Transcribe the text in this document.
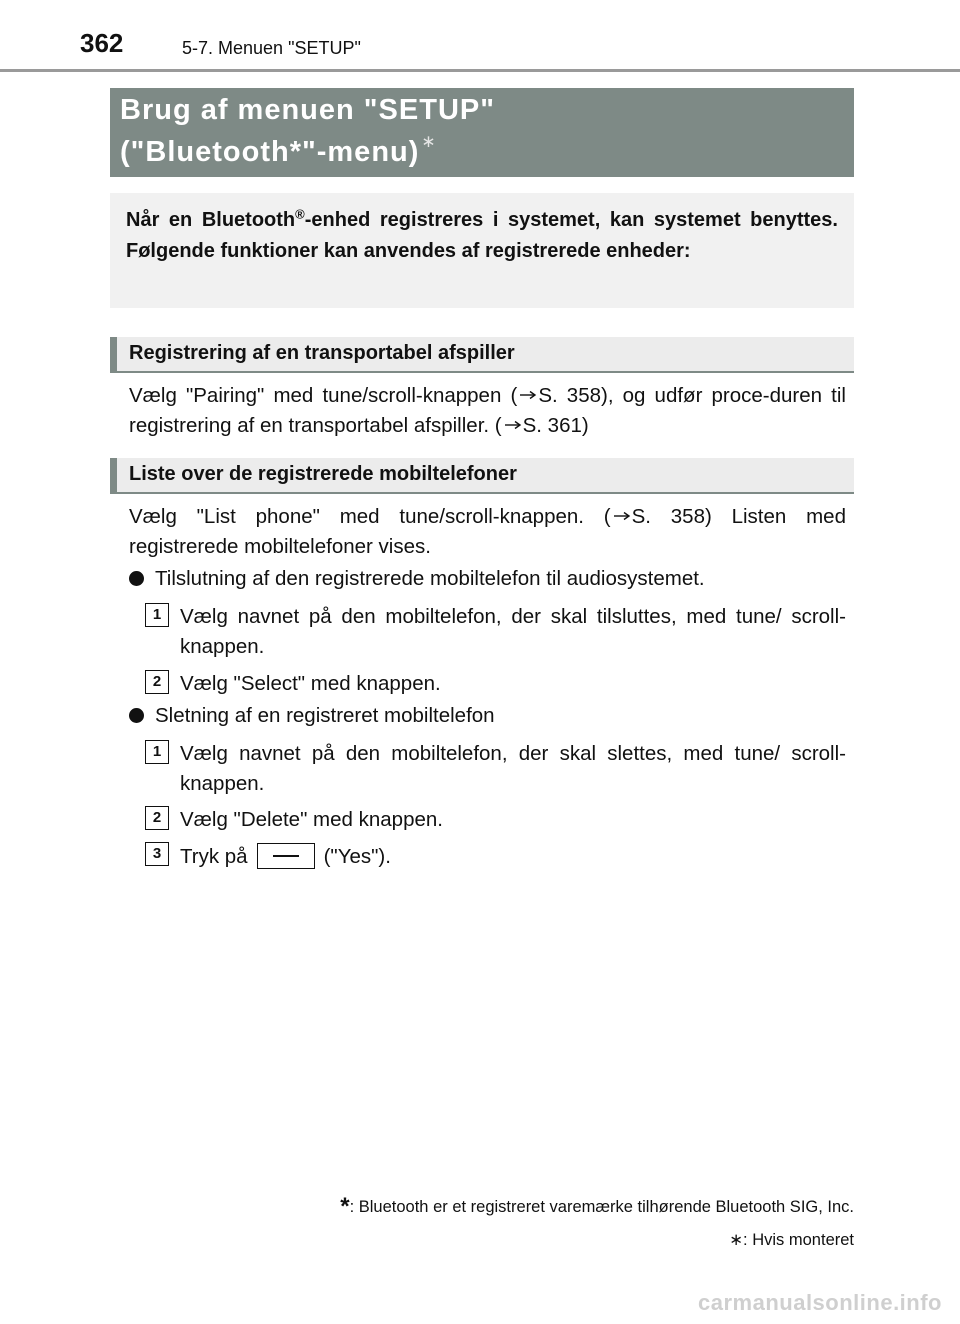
362	5-7. Menuen "SETUP"
Brug af menuen "SETUP"
("Bluetooth*"-menu) ∗
Når en Bluetooth®-enhed registreres i systemet, kan systemet benyttes. Følgende funktioner kan anvendes af registrerede enheder:
Registrering af en transportabel afspiller
Vælg "Pairing" med tune/scroll-knappen ( S. 358), og udfør proce-duren til registrering af en transportabel afspiller. ( S. 361)
Liste over de registrerede mobiltelefoner
Vælg "List phone" med tune/scroll-knappen. ( S. 358) Listen med registrerede mobiltelefoner vises.
Tilslutning af den registrerede mobiltelefon til audiosystemet.
1 Vælg navnet på den mobiltelefon, der skal tilsluttes, med tune/ scroll-knappen.
2 Vælg "Select" med knappen.
Sletning af en registreret mobiltelefon
1 Vælg navnet på den mobiltelefon, der skal slettes, med tune/ scroll-knappen.
2 Vælg "Delete" med knappen.
3 Tryk på	("Yes").
*: Bluetooth er et registreret varemærke tilhørende Bluetooth SIG, Inc.
∗: Hvis monteret
carmanualsonline.info
